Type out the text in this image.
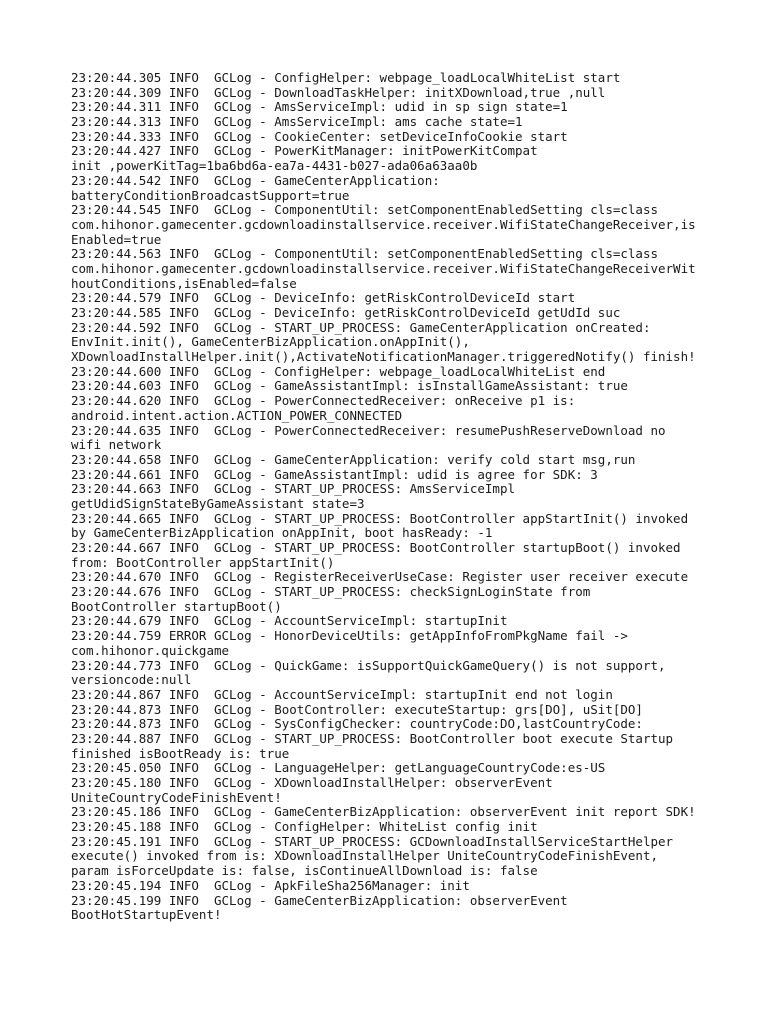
23:20:44.305 INFO  GCLog - ConfigHelper: webpage_loadLocalWhiteList start
23:20:44.309 INFO  GCLog - DownloadTaskHelper: initXDownload,true ,null
23:20:44.311 INFO  GCLog - AmsServiceImpl: udid in sp sign state=1
23:20:44.313 INFO  GCLog - AmsServiceImpl: ams cache state=1
23:20:44.333 INFO  GCLog - CookieCenter: setDeviceInfoCookie start
23:20:44.427 INFO  GCLog - PowerKitManager: initPowerKitCompat
init ,powerKitTag=1ba6bd6a-ea7a-4431-b027-ada06a63aa0b
23:20:44.542 INFO  GCLog - GameCenterApplication:
batteryConditionBroadcastSupport=true
23:20:44.545 INFO  GCLog - ComponentUtil: setComponentEnabledSetting cls=class
com.hihonor.gamecenter.gcdownloadinstallservice.receiver.WifiStateChangeReceiver,is
Enabled=true
23:20:44.563 INFO  GCLog - ComponentUtil: setComponentEnabledSetting cls=class
com.hihonor.gamecenter.gcdownloadinstallservice.receiver.WifiStateChangeReceiverWit
houtConditions,isEnabled=false
23:20:44.579 INFO  GCLog - DeviceInfo: getRiskControlDeviceId start
23:20:44.585 INFO  GCLog - DeviceInfo: getRiskControlDeviceId getUdId suc
23:20:44.592 INFO  GCLog - START_UP_PROCESS: GameCenterApplication onCreated:
EnvInit.init(), GameCenterBizApplication.onAppInit(),
XDownloadInstallHelper.init(),ActivateNotificationManager.triggeredNotify() finish!
23:20:44.600 INFO  GCLog - ConfigHelper: webpage_loadLocalWhiteList end
23:20:44.603 INFO  GCLog - GameAssistantImpl: isInstallGameAssistant: true
23:20:44.620 INFO  GCLog - PowerConnectedReceiver: onReceive p1 is:
android.intent.action.ACTION_POWER_CONNECTED
23:20:44.635 INFO  GCLog - PowerConnectedReceiver: resumePushReserveDownload no
wifi network
23:20:44.658 INFO  GCLog - GameCenterApplication: verify cold start msg,run
23:20:44.661 INFO  GCLog - GameAssistantImpl: udid is agree for SDK: 3
23:20:44.663 INFO  GCLog - START_UP_PROCESS: AmsServiceImpl
getUdidSignStateByGameAssistant state=3
23:20:44.665 INFO  GCLog - START_UP_PROCESS: BootController appStartInit() invoked
by GameCenterBizApplication onAppInit, boot hasReady: -1
23:20:44.667 INFO  GCLog - START_UP_PROCESS: BootController startupBoot() invoked
from: BootController appStartInit()
23:20:44.670 INFO  GCLog - RegisterReceiverUseCase: Register user receiver execute
23:20:44.676 INFO  GCLog - START_UP_PROCESS: checkSignLoginState from
BootController startupBoot()
23:20:44.679 INFO  GCLog - AccountServiceImpl: startupInit
23:20:44.759 ERROR GCLog - HonorDeviceUtils: getAppInfoFromPkgName fail ->
com.hihonor.quickgame
23:20:44.773 INFO  GCLog - QuickGame: isSupportQuickGameQuery() is not support,
versioncode:null
23:20:44.867 INFO  GCLog - AccountServiceImpl: startupInit end not login
23:20:44.873 INFO  GCLog - BootController: executeStartup: grs[DO], uSit[DO]
23:20:44.873 INFO  GCLog - SysConfigChecker: countryCode:DO,lastCountryCode:
23:20:44.887 INFO  GCLog - START_UP_PROCESS: BootController boot execute Startup
finished isBootReady is: true
23:20:45.050 INFO  GCLog - LanguageHelper: getLanguageCountryCode:es-US
23:20:45.180 INFO  GCLog - XDownloadInstallHelper: observerEvent
UniteCountryCodeFinishEvent!
23:20:45.186 INFO  GCLog - GameCenterBizApplication: observerEvent init report SDK!
23:20:45.188 INFO  GCLog - ConfigHelper: WhiteList config init
23:20:45.191 INFO  GCLog - START_UP_PROCESS: GCDownloadInstallServiceStartHelper
execute() invoked from is: XDownloadInstallHelper UniteCountryCodeFinishEvent,
param isForceUpdate is: false, isContinueAllDownload is: false
23:20:45.194 INFO  GCLog - ApkFileSha256Manager: init
23:20:45.199 INFO  GCLog - GameCenterBizApplication: observerEvent
BootHotStartupEvent!
